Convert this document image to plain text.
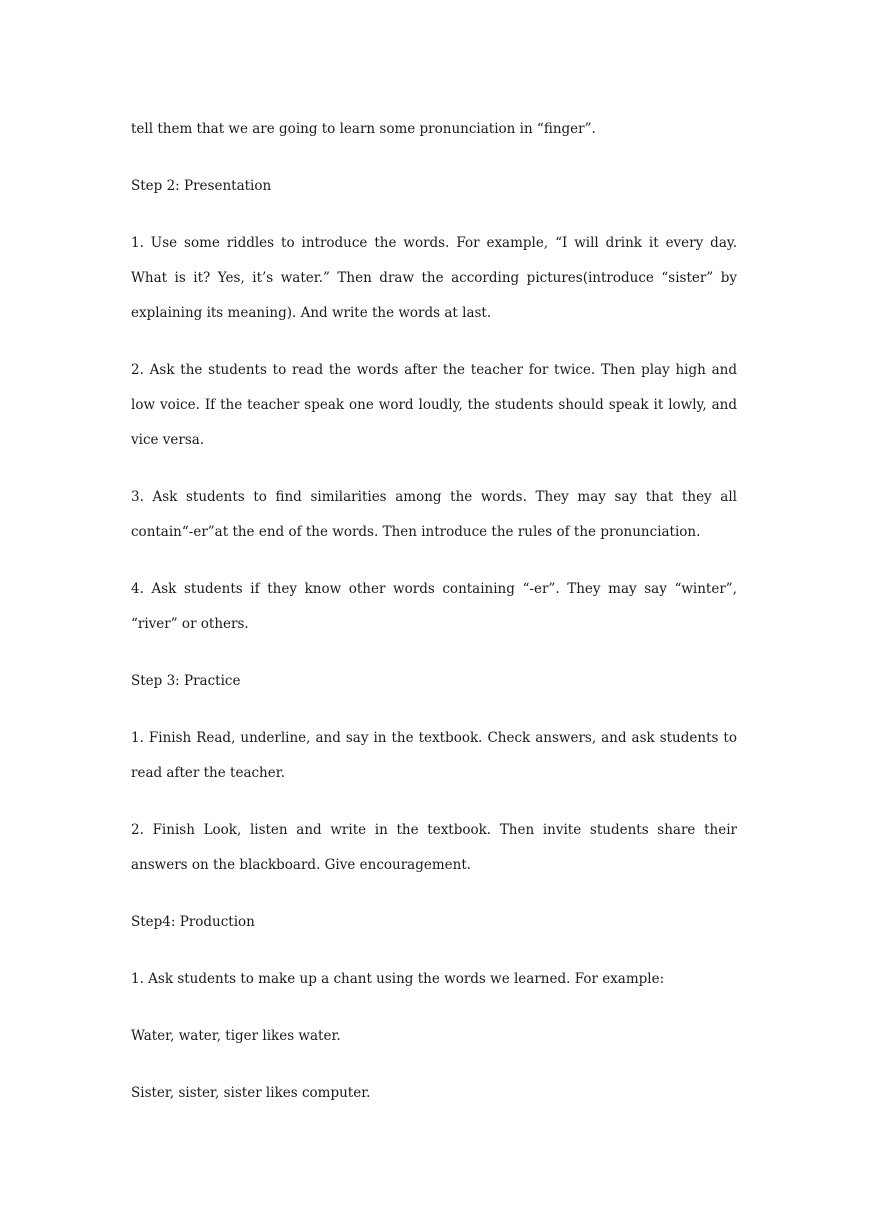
tell them that we are going to learn some pronunciation in “finger”.

Step 2: Presentation

1. Use some riddles to introduce the words. For example, “I will drink it every day. What is it? Yes, it’s water.” Then draw the according pictures(introduce “sister” by explaining its meaning). And write the words at last.

2. Ask the students to read the words after the teacher for twice. Then play high and low voice. If the teacher speak one word loudly, the students should speak it lowly, and vice versa.

3. Ask students to find similarities among the words. They may say that they all contain“-er”at the end of the words. Then introduce the rules of the pronunciation.

4. Ask students if they know other words containing “-er”. They may say “winter”, “river” or others.

Step 3: Practice

1. Finish Read, underline, and say in the textbook. Check answers, and ask students to read after the teacher.

2. Finish Look, listen and write in the textbook. Then invite students share their answers on the blackboard. Give encouragement.

Step4: Production

1. Ask students to make up a chant using the words we learned. For example:

Water, water, tiger likes water.

Sister, sister, sister likes computer.
